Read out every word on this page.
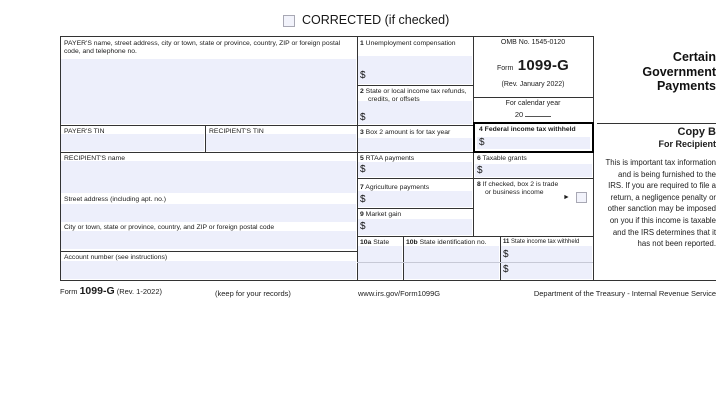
CORRECTED (if checked)
PAYER'S name, street address, city or town, state or province, country, ZIP or foreign postal code, and telephone no.
PAYER'S TIN	RECIPIENT'S TIN
RECIPIENT'S name
Street address (including apt. no.)
City or town, state or province, country, and ZIP or foreign postal code
Account number (see instructions)
1 Unemployment compensation
$
2 State or local income tax refunds, credits, or offsets
$
3 Box 2 amount is for tax year
OMB No. 1545-0120
Form 1099-G
(Rev. January 2022)
For calendar year
20
4 Federal income tax withheld
$
5 RTAA payments
$
6 Taxable grants
$
7 Agriculture payments
$
8 If checked, box 2 is trade or business income
►
9 Market gain
$
10a State 10b State identification no.	11 State income tax withheld
$
$
Certain Government Payments
Copy B
For Recipient
This is important tax information and is being furnished to the IRS. If you are required to file a return, a negligence penalty or other sanction may be imposed on you if this income is taxable and the IRS determines that it has not been reported.
Form 1099-G (Rev. 1-2022)	(keep for your records)	www.irs.gov/Form1099G	Department of the Treasury - Internal Revenue Service
